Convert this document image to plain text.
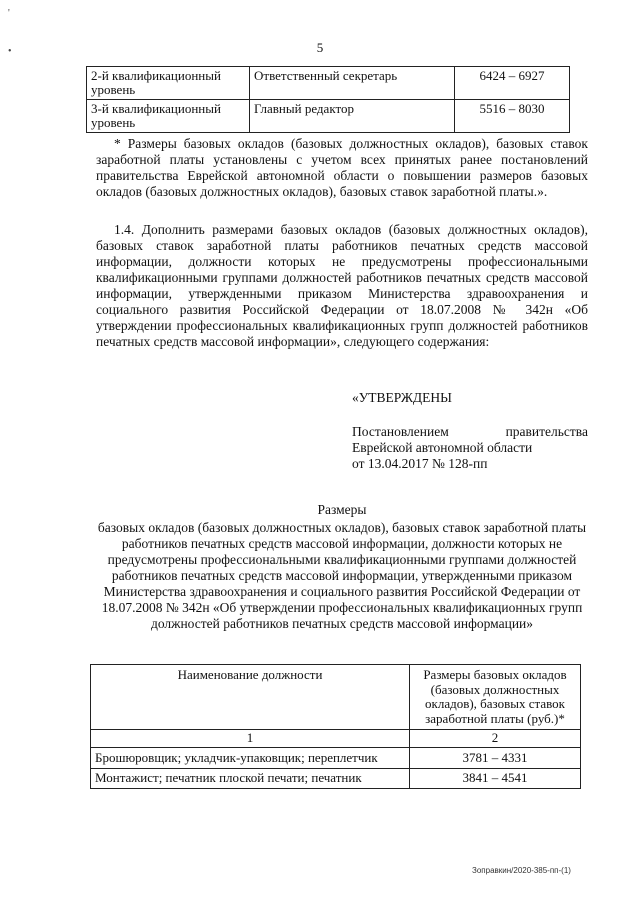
'
•	5
2-й квалификационный уровень	Ответственный секретарь	6424 – 6927
3-й квалификационный уровень	Главный редактор	5516 – 8030

* Размеры базовых окладов (базовых должностных окладов), базовых ставок заработной платы установлены с учетом всех принятых ранее постановлений правительства Еврейской автономной области о повышении размеров базовых окладов (базовых должностных окладов), базовых ставок заработной платы.».

1.4. Дополнить размерами базовых окладов (базовых должностных окладов), базовых ставок заработной платы работников печатных средств массовой информации, должности которых не предусмотрены профессиональными квалификационными группами должностей работников печатных средств массовой информации, утвержденными приказом Министерства здравоохранения и социального развития Российской Федерации от 18.07.2008 № 342н «Об утверждении профессиональных квалификационных групп должностей работников печатных средств массовой информации», следующего содержания:

«УТВЕРЖДЕНЫ

Постановлением правительства Еврейской автономной области

от 13.04.2017 № 128-пп

Размеры

базовых окладов (базовых должностных окладов), базовых ставок заработной платы работников печатных средств массовой информации, должности которых не предусмотрены профессиональными квалификационными группами должностей работников печатных средств массовой информации, утвержденными приказом Министерства здравоохранения и социального развития Российской Федерации от 18.07.2008 № 342н «Об утверждении профессиональных квалификационных групп должностей работников печатных средств массовой информации»

Наименование должности	Размеры базовых окладов (базовых должностных окладов), базовых ставок заработной платы (руб.)*
1	2
Брошюровщик; укладчик-упаковщик; переплетчик	3781 – 4331
Монтажист; печатник плоской печати; печатник	3841 – 4541
Зоправкин/2020-385-пп-(1)
